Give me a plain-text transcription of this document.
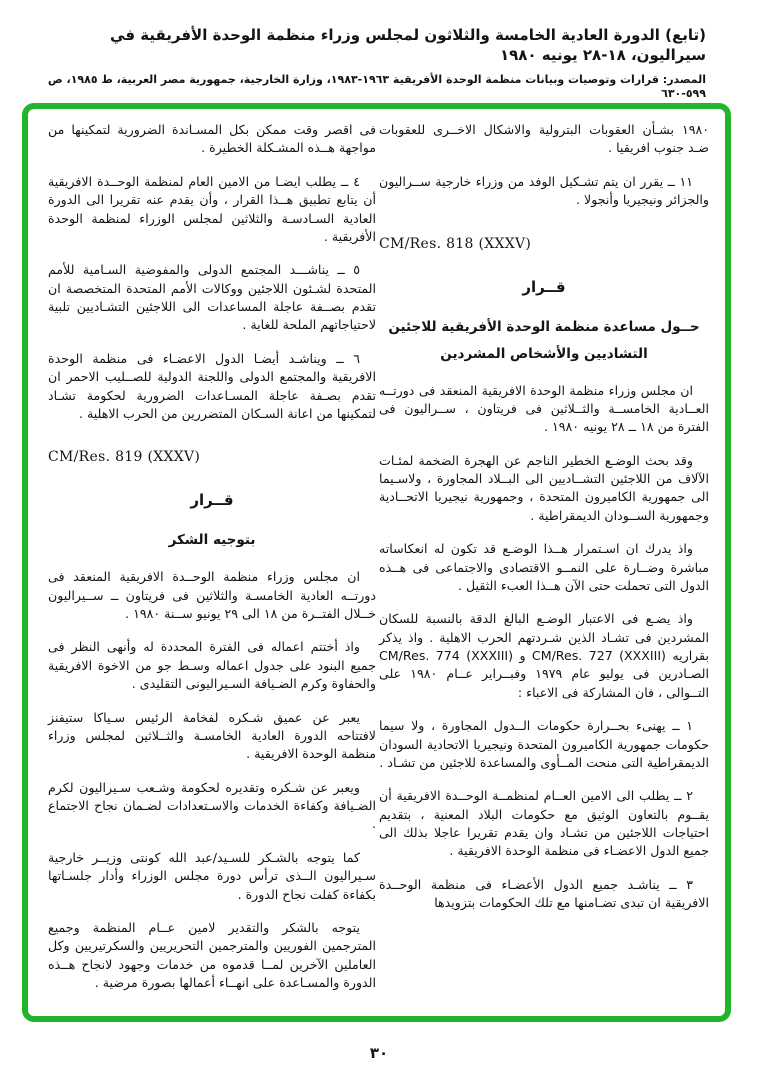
(تابع) الدورة العادية الخامسة والثلاثون لمجلس وزراء منظمة الوحدة الأفريقية في سيراليون، ١٨-٢٨ يونيه ١٩٨٠
المصدر: قرارات وتوصيات وبيانات منظمة الوحدة الأفريقية ١٩٦٣-١٩٨٣، وزارة الخارجية، جمهورية مصر العربية، ط ١٩٨٥، ص ٥٩٩-٦٣٠

١٩٨٠ بشـأن العقوبات البترولية والاشكال الاخــرى للعقوبات ضـد جنوب افريقيا .

١١ ــ يقرر ان يتم تشـكيل الوفد من وزراء خارجية ســراليون والجزائر ونيجيريا وأنجولا .

CM/Res. 818 (XXXV)
قــرار
حــول مساعدة منظمة الوحدة الأفريقية للاجئين
التشاديين والأشخاص المشردين

ان مجلس وزراء منظمة الوحدة الافريقية المنعقد فى دورتــه العــادية الخامســة والثــلاثين فى فريتاون ، ســراليون فى الفترة من ١٨ ــ ٢٨ يونيه ١٩٨٠ .

وقد بحث الوضـع الخطير الناجم عن الهجرة الضخمة لمئـات الآلاف من اللاجئين التشــاديين الى البــلاد المجاورة ، ولاسـيما الى جمهورية الكاميرون المتحدة ، وجمهورية نيجيريا الاتحــادية وجمهورية الســودان الديمقراطية .

واذ يدرك ان اسـتمرار هــذا الوضـع قد تكون له انعكاساته مباشرة وضــارة على النمــو الاقتصادى والاجتماعى فى هــذه الدول التى تحملت حتى الآن هــذا العبء الثقيل .

واذ يضـع فى الاعتبار الوضـع البالغ الدقة بالنسبة للسكان المشردين فى تشـاد الذين شـردتهم الحرب الاهلية . واذ يذكر بقراريه CM/Res. 727 (XXXIII) و CM/Res. 774 (XXXIII) الصـادرين فى يوليو عام ١٩٧٩ وفبــراير عــام ١٩٨٠ على التــوالى ، فان المشاركة فى الاعباء :

١ ــ يهنىء بحــرارة حكومات الــدول المجاورة ، ولا سيما حكومات جمهورية الكاميرون المتحدة ونيجيريا الاتحادية السودان الديمقراطية التى منحت المــأوى والمساعدة للاجئين من تشـاد .

٢ ــ يطلب الى الامين العــام لمنظمــة الوحــدة الافريقية أن يقــوم بالتعاون الوثيق مع حكومات البلاد المعنية ، بتقديم احتياجات اللاجئين من تشـاد وان يقدم تقريرا عاجلا بذلك الى جميع الدول الاعضـاء فى منظمة الوحدة الافريقية .

٣ ــ يناشـد جميع الدول الأعضـاء فى منظمة الوحــدة الافريقية ان تبدى تضـامنها مع تلك الحكومات بتزويدها

فى اقصر وقت ممكن بكل المسـاندة الضرورية لتمكينها من مواجهة هــذه المشـكلة الخطيرة .

٤ ــ يطلب ايضـا من الامين العام لمنظمة الوحــدة الافريقية أن يتابع تطبيق هــذا القرار ، وأن يقدم عنه تقريرا الى الدورة العادية السـادسـة والثلاثين لمجلس الوزراء لمنظمة الوحدة الأفريقية .

٥ ــ يناشـــد المجتمع الدولى والمفوضية السـامية للأمم المتحدة لشـئون اللاجئين ووكالات الأمم المتحدة المتخصصة ان تقدم بصــفة عاجلة المساعدات الى اللاجئين التشـاديين تلبية لاحتياجاتهم الملحة للغاية .

٦ ــ ويناشـد أيضـا الدول الاعضـاء فى منظمة الوحدة الافريقية والمجتمع الدولى واللجنة الدولية للصــليب الاحمر ان تقدم بصـفة عاجلة المسـاعدات الضرورية لحكومة تشـاد لتمكينها من اعانة السـكان المتضررين من الحرب الاهلية .

CM/Res. 819 (XXXV)
قــرار
بتوجيه الشكر

ان مجلس وزراء منظمة الوحــدة الافريقية المنعقد فى دورتــه العادية الخامسـة والثلاثين فى فريتاون ــ ســيراليون خــلال الفتــرة من ١٨ الى ٢٩ يونيو ســنة ١٩٨٠ .

واذ أختتم اعماله فى الفترة المحددة له وأنهى النظر فى جميع البنود على جدول اعماله وسـط جو من الاخوة الافريقية والحفاوة وكرم الضـيافة السـيراليونى التقليدى .

يعبر عن عميق شـكره لفخامة الرئيس سـياكا ستيفنز لافتتاحه الدورة العادية الخامسـة والثــلاثين لمجلس وزراء منظمة الوحدة الافريقية .

ويعبر عن شـكره وتقديره لحكومة وشـعب سـيراليون لكرم الضـيافة وكفاءة الخدمات والاسـتعدادات لضـمان نجاح الاجتماع .

كما يتوجه بالشـكر للسـيد/عبد الله كونتى وزيــر خارجية سـيراليون الــذى ترأس دورة مجلس الوزراء وأدار جلسـاتها بكفاءة كفلت نجاح الدورة .

يتوجه بالشكر والتقدير لامين عــام المنظمة وجميع المترجمين الفوريين والمترجمين التحريريين والسكرتيريين وكل العاملين الآخرين لمــا قدموه من خدمات وجهود لانجاح هــذه الدورة والمسـاعدة على انهــاء أعمالها بصورة مرضية .

٣٠
